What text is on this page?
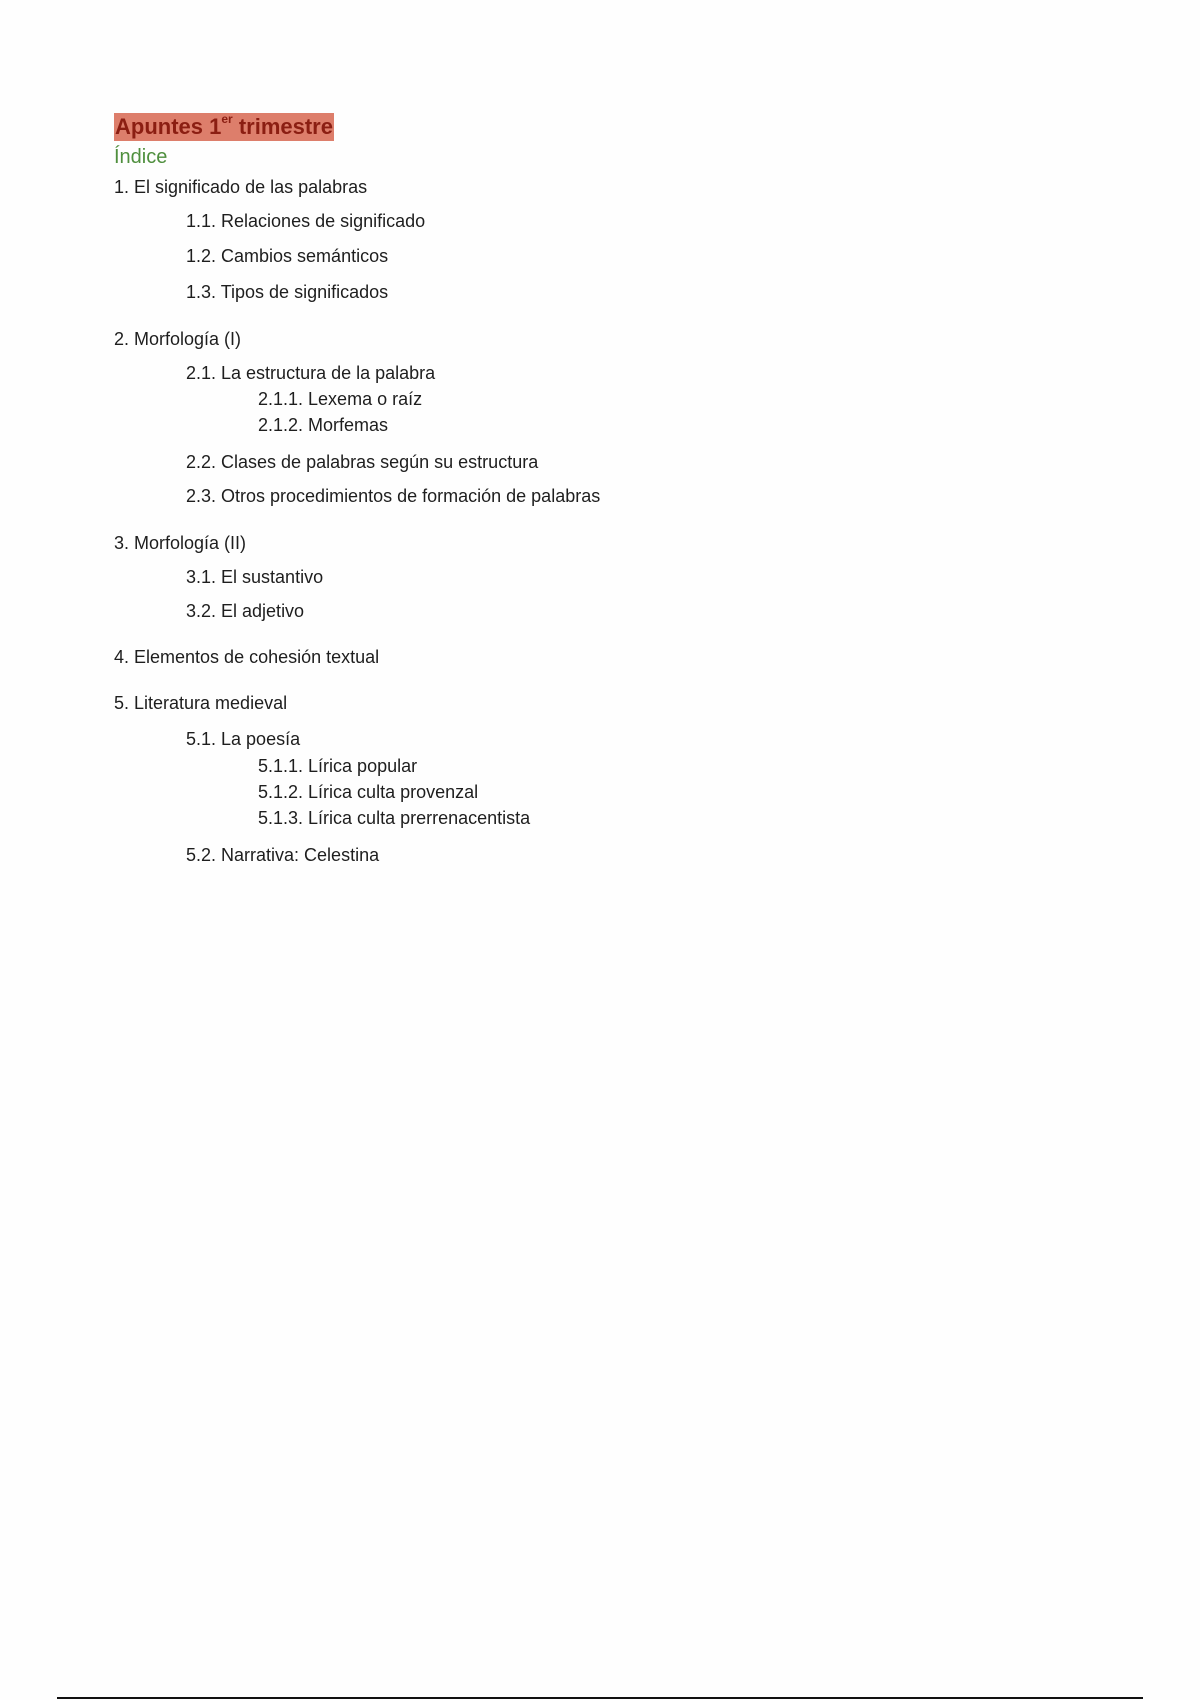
Apuntes 1er trimestre
Índice
1. El significado de las palabras
1.1. Relaciones de significado
1.2. Cambios semánticos
1.3. Tipos de significados
2. Morfología (I)
2.1. La estructura de la palabra
2.1.1. Lexema o raíz
2.1.2. Morfemas
2.2. Clases de palabras según su estructura
2.3. Otros procedimientos de formación de palabras
3. Morfología (II)
3.1. El sustantivo
3.2. El adjetivo
4. Elementos de cohesión textual
5. Literatura medieval
5.1. La poesía
5.1.1. Lírica popular
5.1.2. Lírica culta provenzal
5.1.3. Lírica culta prerrenacentista
5.2. Narrativa: Celestina
